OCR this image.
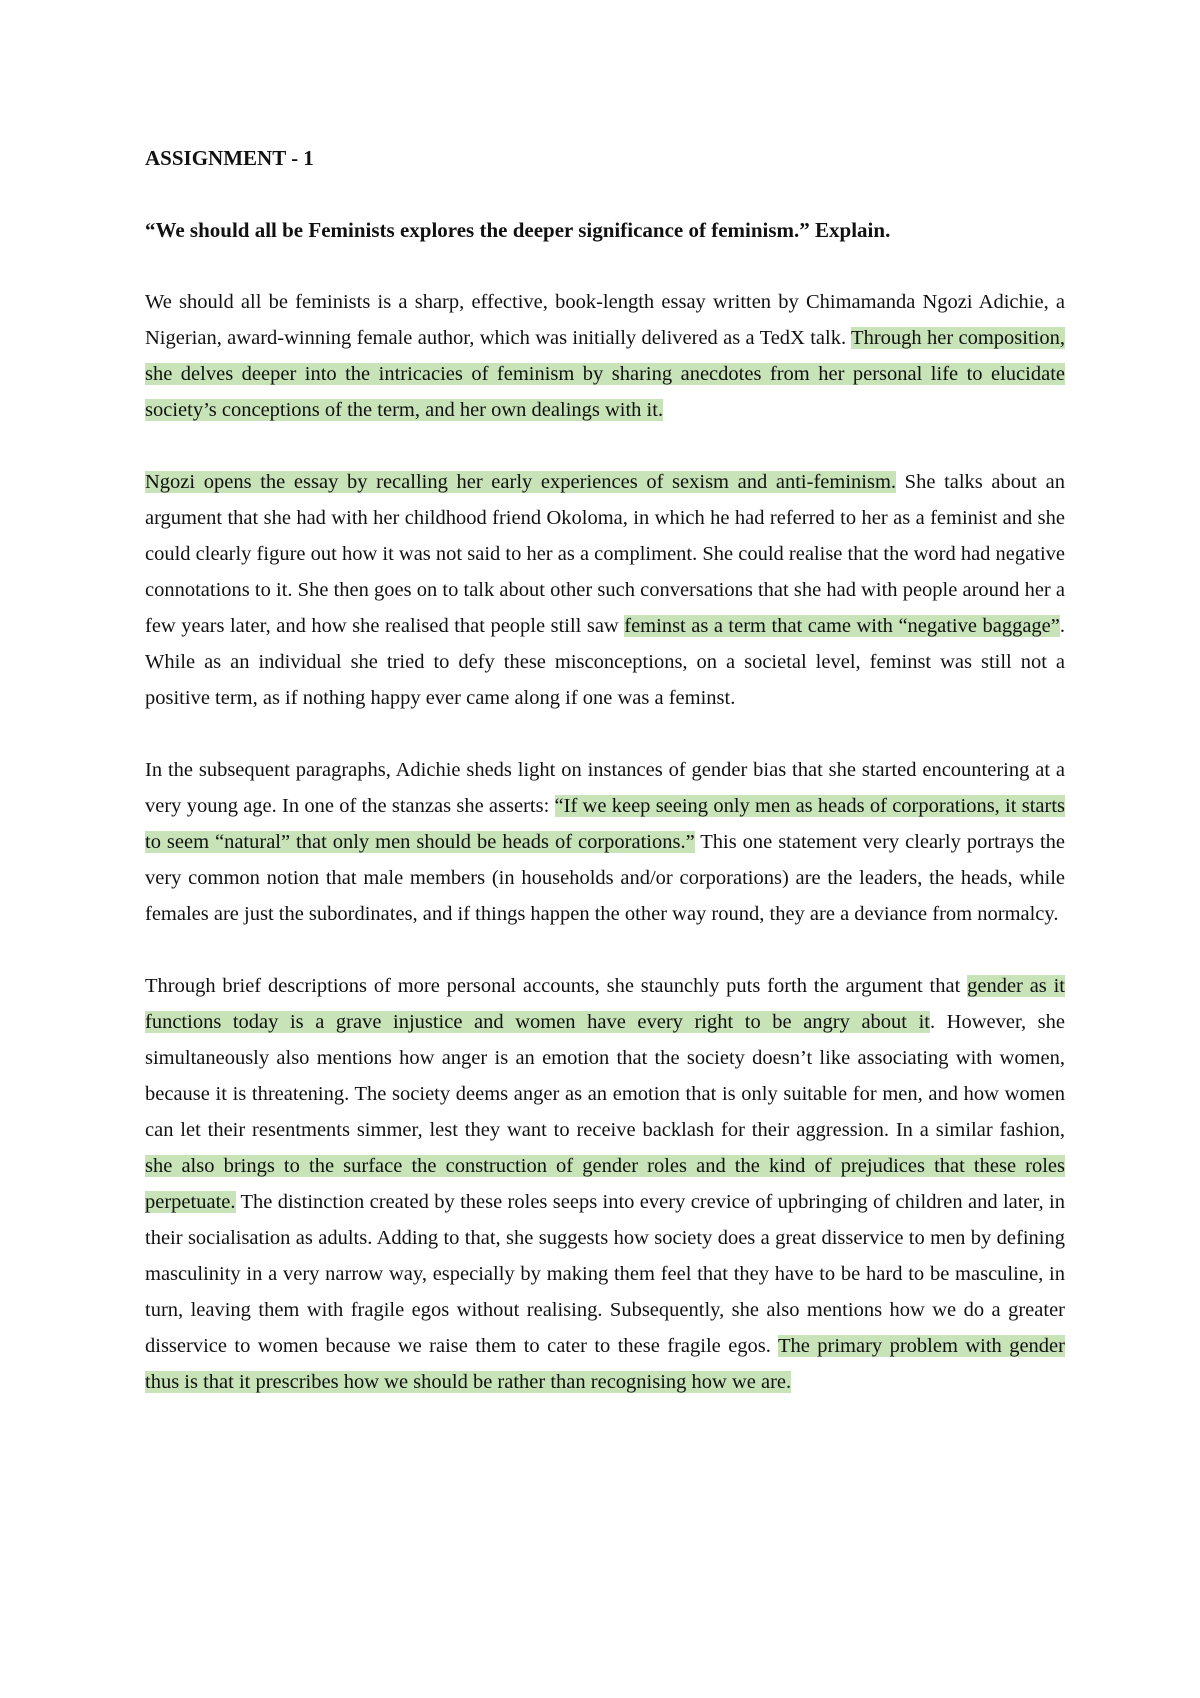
ASSIGNMENT - 1
“We should all be Feminists explores the deeper significance of feminism.” Explain.

We should all be feminists is a sharp, effective, book-length essay written by Chimamanda Ngozi Adichie, a Nigerian, award-winning female author, which was initially delivered as a TedX talk. Through her composition, she delves deeper into the intricacies of feminism by sharing anecdotes from her personal life to elucidate society’s conceptions of the term, and her own dealings with it.

Ngozi opens the essay by recalling her early experiences of sexism and anti-feminism. She talks about an argument that she had with her childhood friend Okoloma, in which he had referred to her as a feminist and she could clearly figure out how it was not said to her as a compliment. She could realise that the word had negative connotations to it. She then goes on to talk about other such conversations that she had with people around her a few years later, and how she realised that people still saw feminst as a term that came with “negative baggage”. While as an individual she tried to defy these misconceptions, on a societal level, feminst was still not a positive term, as if nothing happy ever came along if one was a feminst.

In the subsequent paragraphs, Adichie sheds light on instances of gender bias that she started encountering at a very young age. In one of the stanzas she asserts: “If we keep seeing only men as heads of corporations, it starts to seem “natural” that only men should be heads of corporations.” This one statement very clearly portrays the very common notion that male members (in households and/or corporations) are the leaders, the heads, while females are just the subordinates, and if things happen the other way round, they are a deviance from normalcy.

Through brief descriptions of more personal accounts, she staunchly puts forth the argument that gender as it functions today is a grave injustice and women have every right to be angry about it. However, she simultaneously also mentions how anger is an emotion that the society doesn’t like associating with women, because it is threatening. The society deems anger as an emotion that is only suitable for men, and how women can let their resentments simmer, lest they want to receive backlash for their aggression. In a similar fashion, she also brings to the surface the construction of gender roles and the kind of prejudices that these roles perpetuate. The distinction created by these roles seeps into every crevice of upbringing of children and later, in their socialisation as adults. Adding to that, she suggests how society does a great disservice to men by defining masculinity in a very narrow way, especially by making them feel that they have to be hard to be masculine, in turn, leaving them with fragile egos without realising. Subsequently, she also mentions how we do a greater disservice to women because we raise them to cater to these fragile egos. The primary problem with gender thus is that it prescribes how we should be rather than recognising how we are.
